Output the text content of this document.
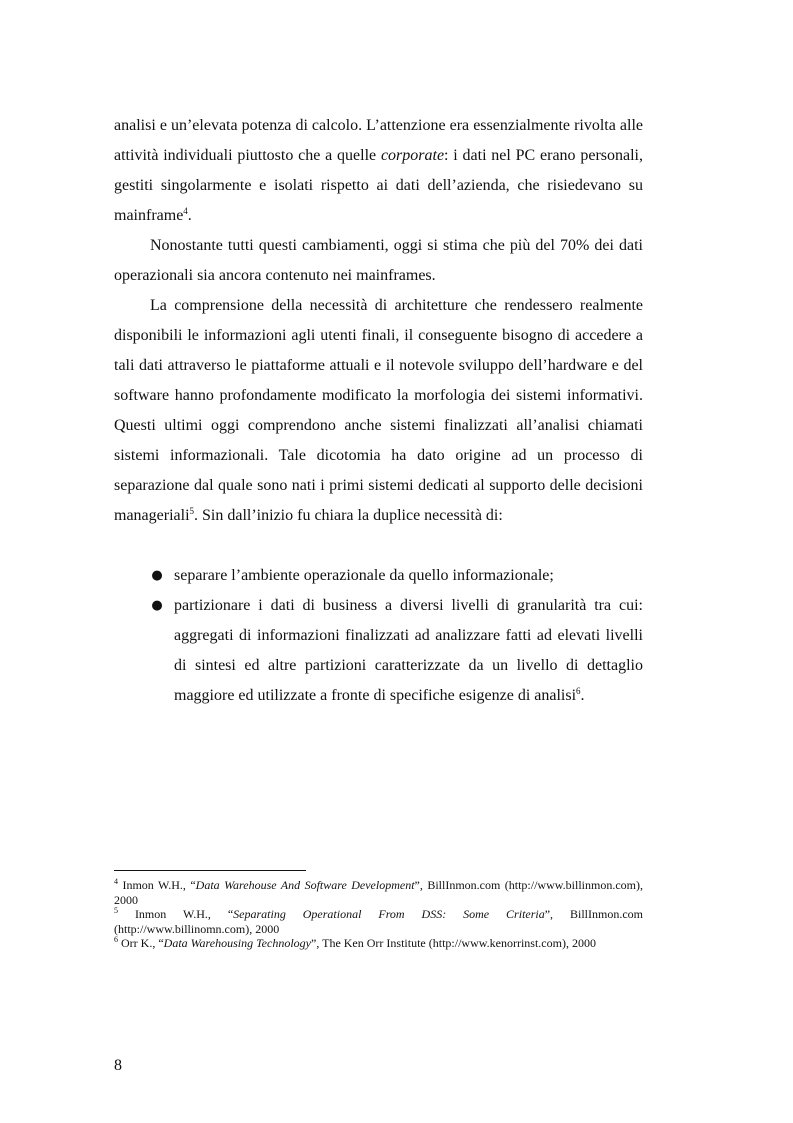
analisi e un’elevata potenza di calcolo. L’attenzione era essenzialmente rivolta alle attività individuali piuttosto che a quelle corporate: i dati nel PC erano personali, gestiti singolarmente e isolati rispetto ai dati dell’azienda, che risiedevano su mainframe$^4$.

Nonostante tutti questi cambiamenti, oggi si stima che più del 70% dei dati operazionali sia ancora contenuto nei mainframes.

La comprensione della necessità di architetture che rendessero realmente disponibili le informazioni agli utenti finali, il conseguente bisogno di accedere a tali dati attraverso le piattaforme attuali e il notevole sviluppo dell’hardware e del software hanno profondamente modificato la morfologia dei sistemi informativi. Questi ultimi oggi comprendono anche sistemi finalizzati all’analisi chiamati sistemi informazionali. Tale dicotomia ha dato origine ad un processo di separazione dal quale sono nati i primi sistemi dedicati al supporto delle decisioni manageriali$^5$. Sin dall’inizio fu chiara la duplice necessità di:

● separare l’ambiente operazionale da quello informazionale;
● partizionare i dati di business a diversi livelli di granularità tra cui: aggregati di informazioni finalizzati ad analizzare fatti ad elevati livelli di sintesi ed altre partizioni caratterizzate da un livello di dettaglio maggiore ed utilizzate a fronte di specifiche esigenze di analisi$^6$.

$^4$ Inmon W.H., “Data Warehouse And Software Development”, BillInmon.com (http://www.billinmon.com), 2000

$^5$ Inmon W.H., “Separating Operational From DSS: Some Criteria”, BillInmon.com (http://www.billinomn.com), 2000

$^6$ Orr K., “Data Warehousing Technology”, The Ken Orr Institute (http://www.kenorrinst.com), 2000

8
